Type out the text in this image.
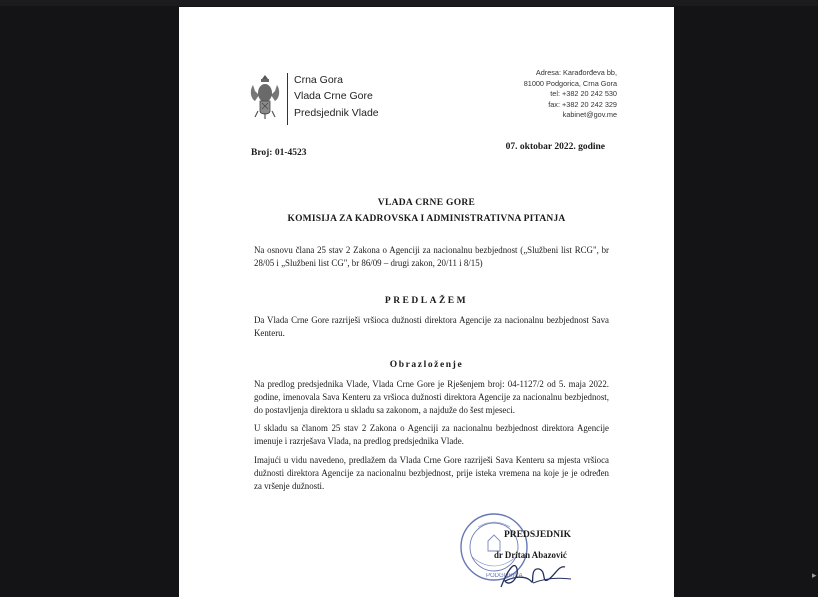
Crna Gora
Vlada Crne Gore
Predsjednik Vlade
Adresa: Karađorđeva bb,
81000 Podgorica, Crna Gora
tel: +382 20 242 530
fax: +382 20 242 329
kabinet@gov.me
Broj: 01-4523
07. oktobar 2022. godine
VLADA CRNE GORE
KOMISIJA ZA KADROVSKA I ADMINISTRATIVNA PITANJA
Na osnovu člana 25 stav 2 Zakona o Agenciji za nacionalnu bezbjednost („Službeni list RCG", br 28/05 i „Službeni list CG", br 86/09 – drugi zakon, 20/11 i 8/15)
PREDLAŽEM
Da Vlada Crne Gore razriješi vršioca dužnosti direktora Agencije za nacionalnu bezbjednost Sava Kenteru.
Obrazloženje
Na predlog predsjednika Vlade, Vlada Crne Gore je Rješenjem broj: 04-1127/2 od 5. maja 2022. godine, imenovala Sava Kenteru za vršioca dužnosti direktora Agencije za nacionalnu bezbjednost, do postavljenja direktora u skladu sa zakonom, a najduže do šest mjeseci.
U skladu sa članom 25 stav 2 Zakona o Agenciji za nacionalnu bezbjednost direktora Agencije imenuje i razrješava Vlada, na predlog predsjednika Vlade.
Imajući u vidu navedeno, predlažem da Vlada Crne Gore razriješi Sava Kenteru sa mjesta vršioca dužnosti direktora Agencije za nacionalnu bezbjednost, prije isteka vremena na koje je je određen za vršenje dužnosti.
PODGORICA
PREDSJEDNIK
dr Dritan Abazović
▸
